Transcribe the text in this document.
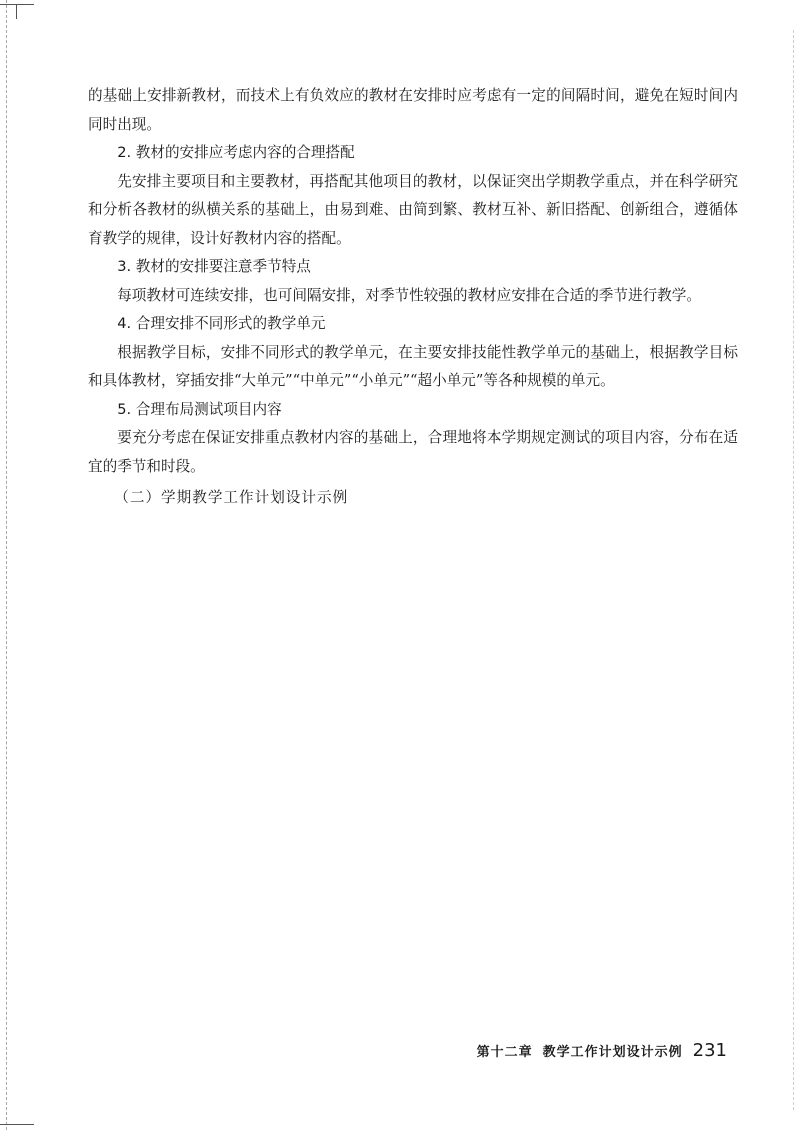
的基础上安排新教材，而技术上有负效应的教材在安排时应考虑有一定的间隔时间，避免在短时间内同时出现。

2. 教材的安排应考虑内容的合理搭配

先安排主要项目和主要教材，再搭配其他项目的教材，以保证突出学期教学重点，并在科学研究和分析各教材的纵横关系的基础上，由易到难、由简到繁、教材互补、新旧搭配、创新组合，遵循体育教学的规律，设计好教材内容的搭配。

3. 教材的安排要注意季节特点

每项教材可连续安排，也可间隔安排，对季节性较强的教材应安排在合适的季节进行教学。

4. 合理安排不同形式的教学单元

根据教学目标，安排不同形式的教学单元，在主要安排技能性教学单元的基础上，根据教学目标和具体教材，穿插安排“大单元”“中单元”“小单元”“超小单元”等各种规模的单元。

5. 合理布局测试项目内容

要充分考虑在保证安排重点教材内容的基础上，合理地将本学期规定测试的项目内容，分布在适宜的季节和时段。

（二）学期教学工作计划设计示例

第十二章 教学工作计划设计示例 231
